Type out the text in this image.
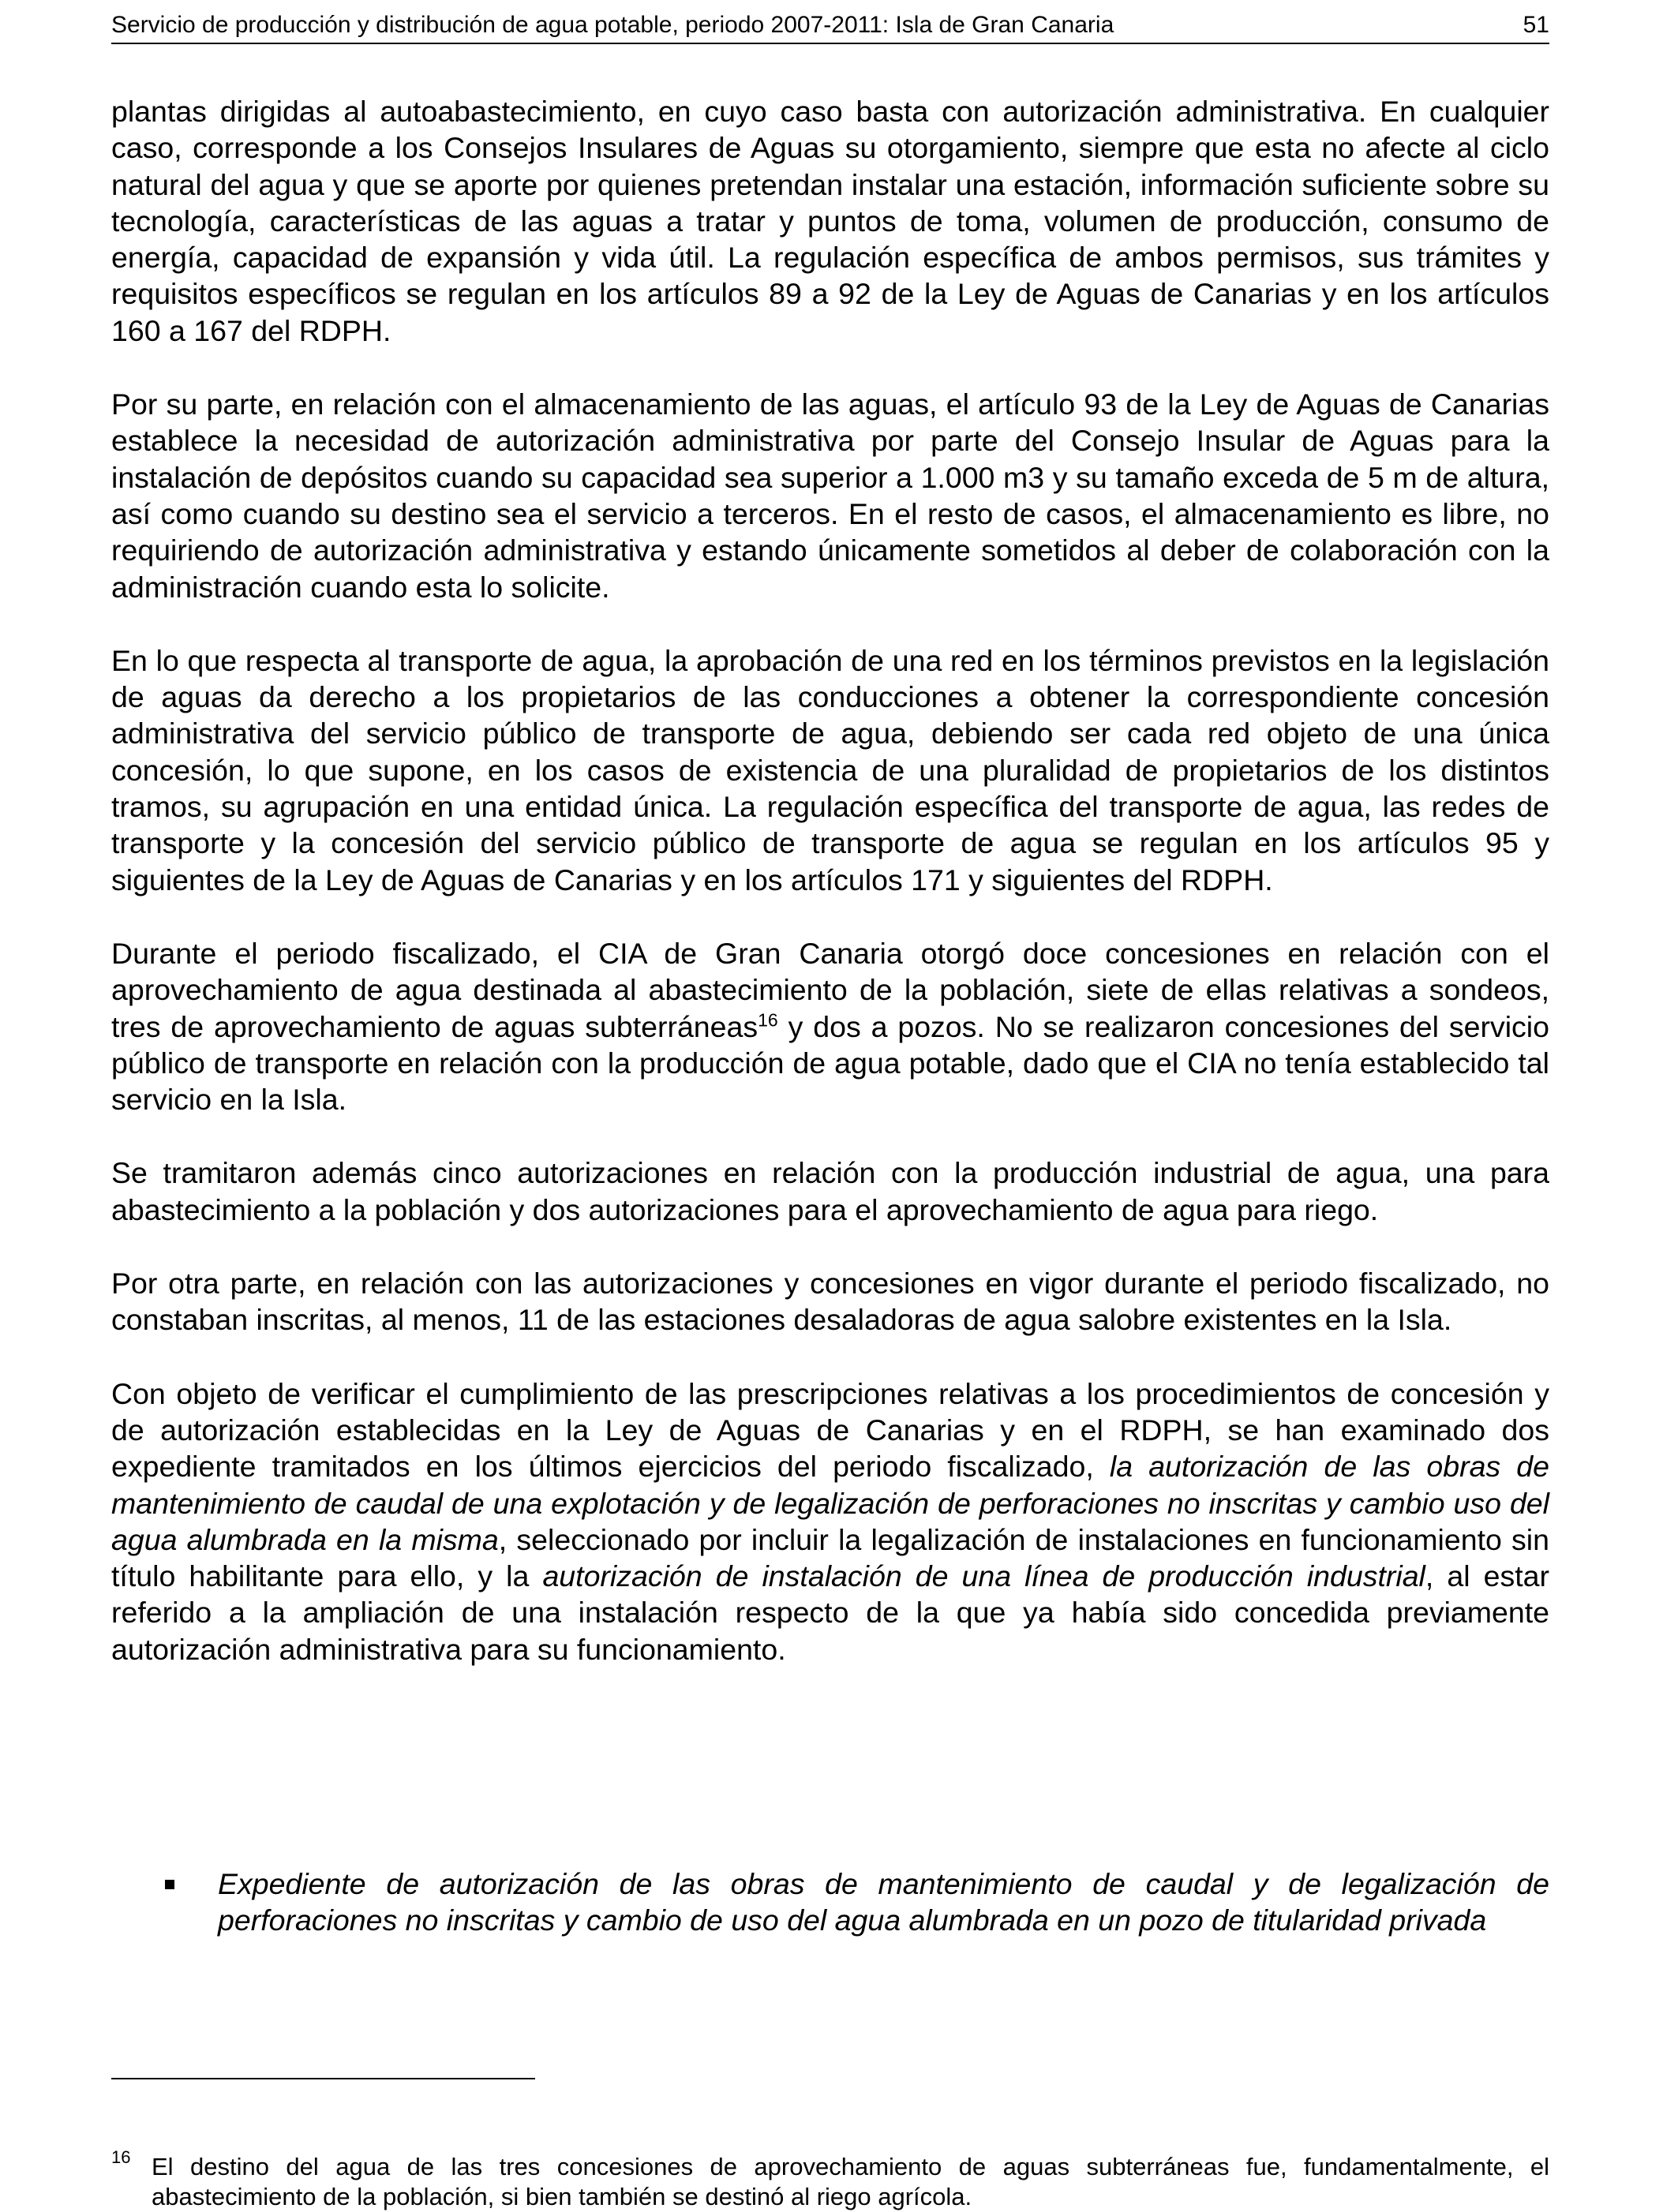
Servicio de producción y distribución de agua potable, periodo 2007-2011: Isla de Gran Canaria	51

plantas dirigidas al autoabastecimiento, en cuyo caso basta con autorización administrativa. En cualquier caso, corresponde a los Consejos Insulares de Aguas su otorgamiento, siempre que esta no afecte al ciclo natural del agua y que se aporte por quienes pretendan instalar una estación, información suficiente sobre su tecnología, características de las aguas a tratar y puntos de toma, volumen de producción, consumo de energía, capacidad de expansión y vida útil. La regulación específica de ambos permisos, sus trámites y requisitos específicos se regulan en los artículos 89 a 92 de la Ley de Aguas de Canarias y en los artículos 160 a 167 del RDPH.

Por su parte, en relación con el almacenamiento de las aguas, el artículo 93 de la Ley de Aguas de Canarias establece la necesidad de autorización administrativa por parte del Consejo Insular de Aguas para la instalación de depósitos cuando su capacidad sea superior a 1.000 m3 y su tamaño exceda de 5 m de altura, así como cuando su destino sea el servicio a terceros. En el resto de casos, el almacenamiento es libre, no requiriendo de autorización administrativa y estando únicamente sometidos al deber de colaboración con la administración cuando esta lo solicite.

En lo que respecta al transporte de agua, la aprobación de una red en los términos previstos en la legislación de aguas da derecho a los propietarios de las conducciones a obtener la correspondiente concesión administrativa del servicio público de transporte de agua, debiendo ser cada red objeto de una única concesión, lo que supone, en los casos de existencia de una pluralidad de propietarios de los distintos tramos, su agrupación en una entidad única. La regulación específica del transporte de agua, las redes de transporte y la concesión del servicio público de transporte de agua se regulan en los artículos 95 y siguientes de la Ley de Aguas de Canarias y en los artículos 171 y siguientes del RDPH.

Durante el periodo fiscalizado, el CIA de Gran Canaria otorgó doce concesiones en relación con el aprovechamiento de agua destinada al abastecimiento de la población, siete de ellas relativas a sondeos, tres de aprovechamiento de aguas subterráneas$^{16}$ y dos a pozos. No se realizaron concesiones del servicio público de transporte en relación con la producción de agua potable, dado que el CIA no tenía establecido tal servicio en la Isla.

Se tramitaron además cinco autorizaciones en relación con la producción industrial de agua, una para abastecimiento a la población y dos autorizaciones para el aprovechamiento de agua para riego.

Por otra parte, en relación con las autorizaciones y concesiones en vigor durante el periodo fiscalizado, no constaban inscritas, al menos, 11 de las estaciones desaladoras de agua salobre existentes en la Isla.

Con objeto de verificar el cumplimiento de las prescripciones relativas a los procedimientos de concesión y de autorización establecidas en la Ley de Aguas de Canarias y en el RDPH, se han examinado dos expediente tramitados en los últimos ejercicios del periodo fiscalizado, la autorización de las obras de mantenimiento de caudal de una explotación y de legalización de perforaciones no inscritas y cambio uso del agua alumbrada en la misma, seleccionado por incluir la legalización de instalaciones en funcionamiento sin título habilitante para ello, y la autorización de instalación de una línea de producción industrial, al estar referido a la ampliación de una instalación respecto de la que ya había sido concedida previamente autorización administrativa para su funcionamiento.

Expediente de autorización de las obras de mantenimiento de caudal y de legalización de perforaciones no inscritas y cambio de uso del agua alumbrada en un pozo de titularidad privada
16 El destino del agua de las tres concesiones de aprovechamiento de aguas subterráneas fue, fundamentalmente, el abastecimiento de la población, si bien también se destinó al riego agrícola.
